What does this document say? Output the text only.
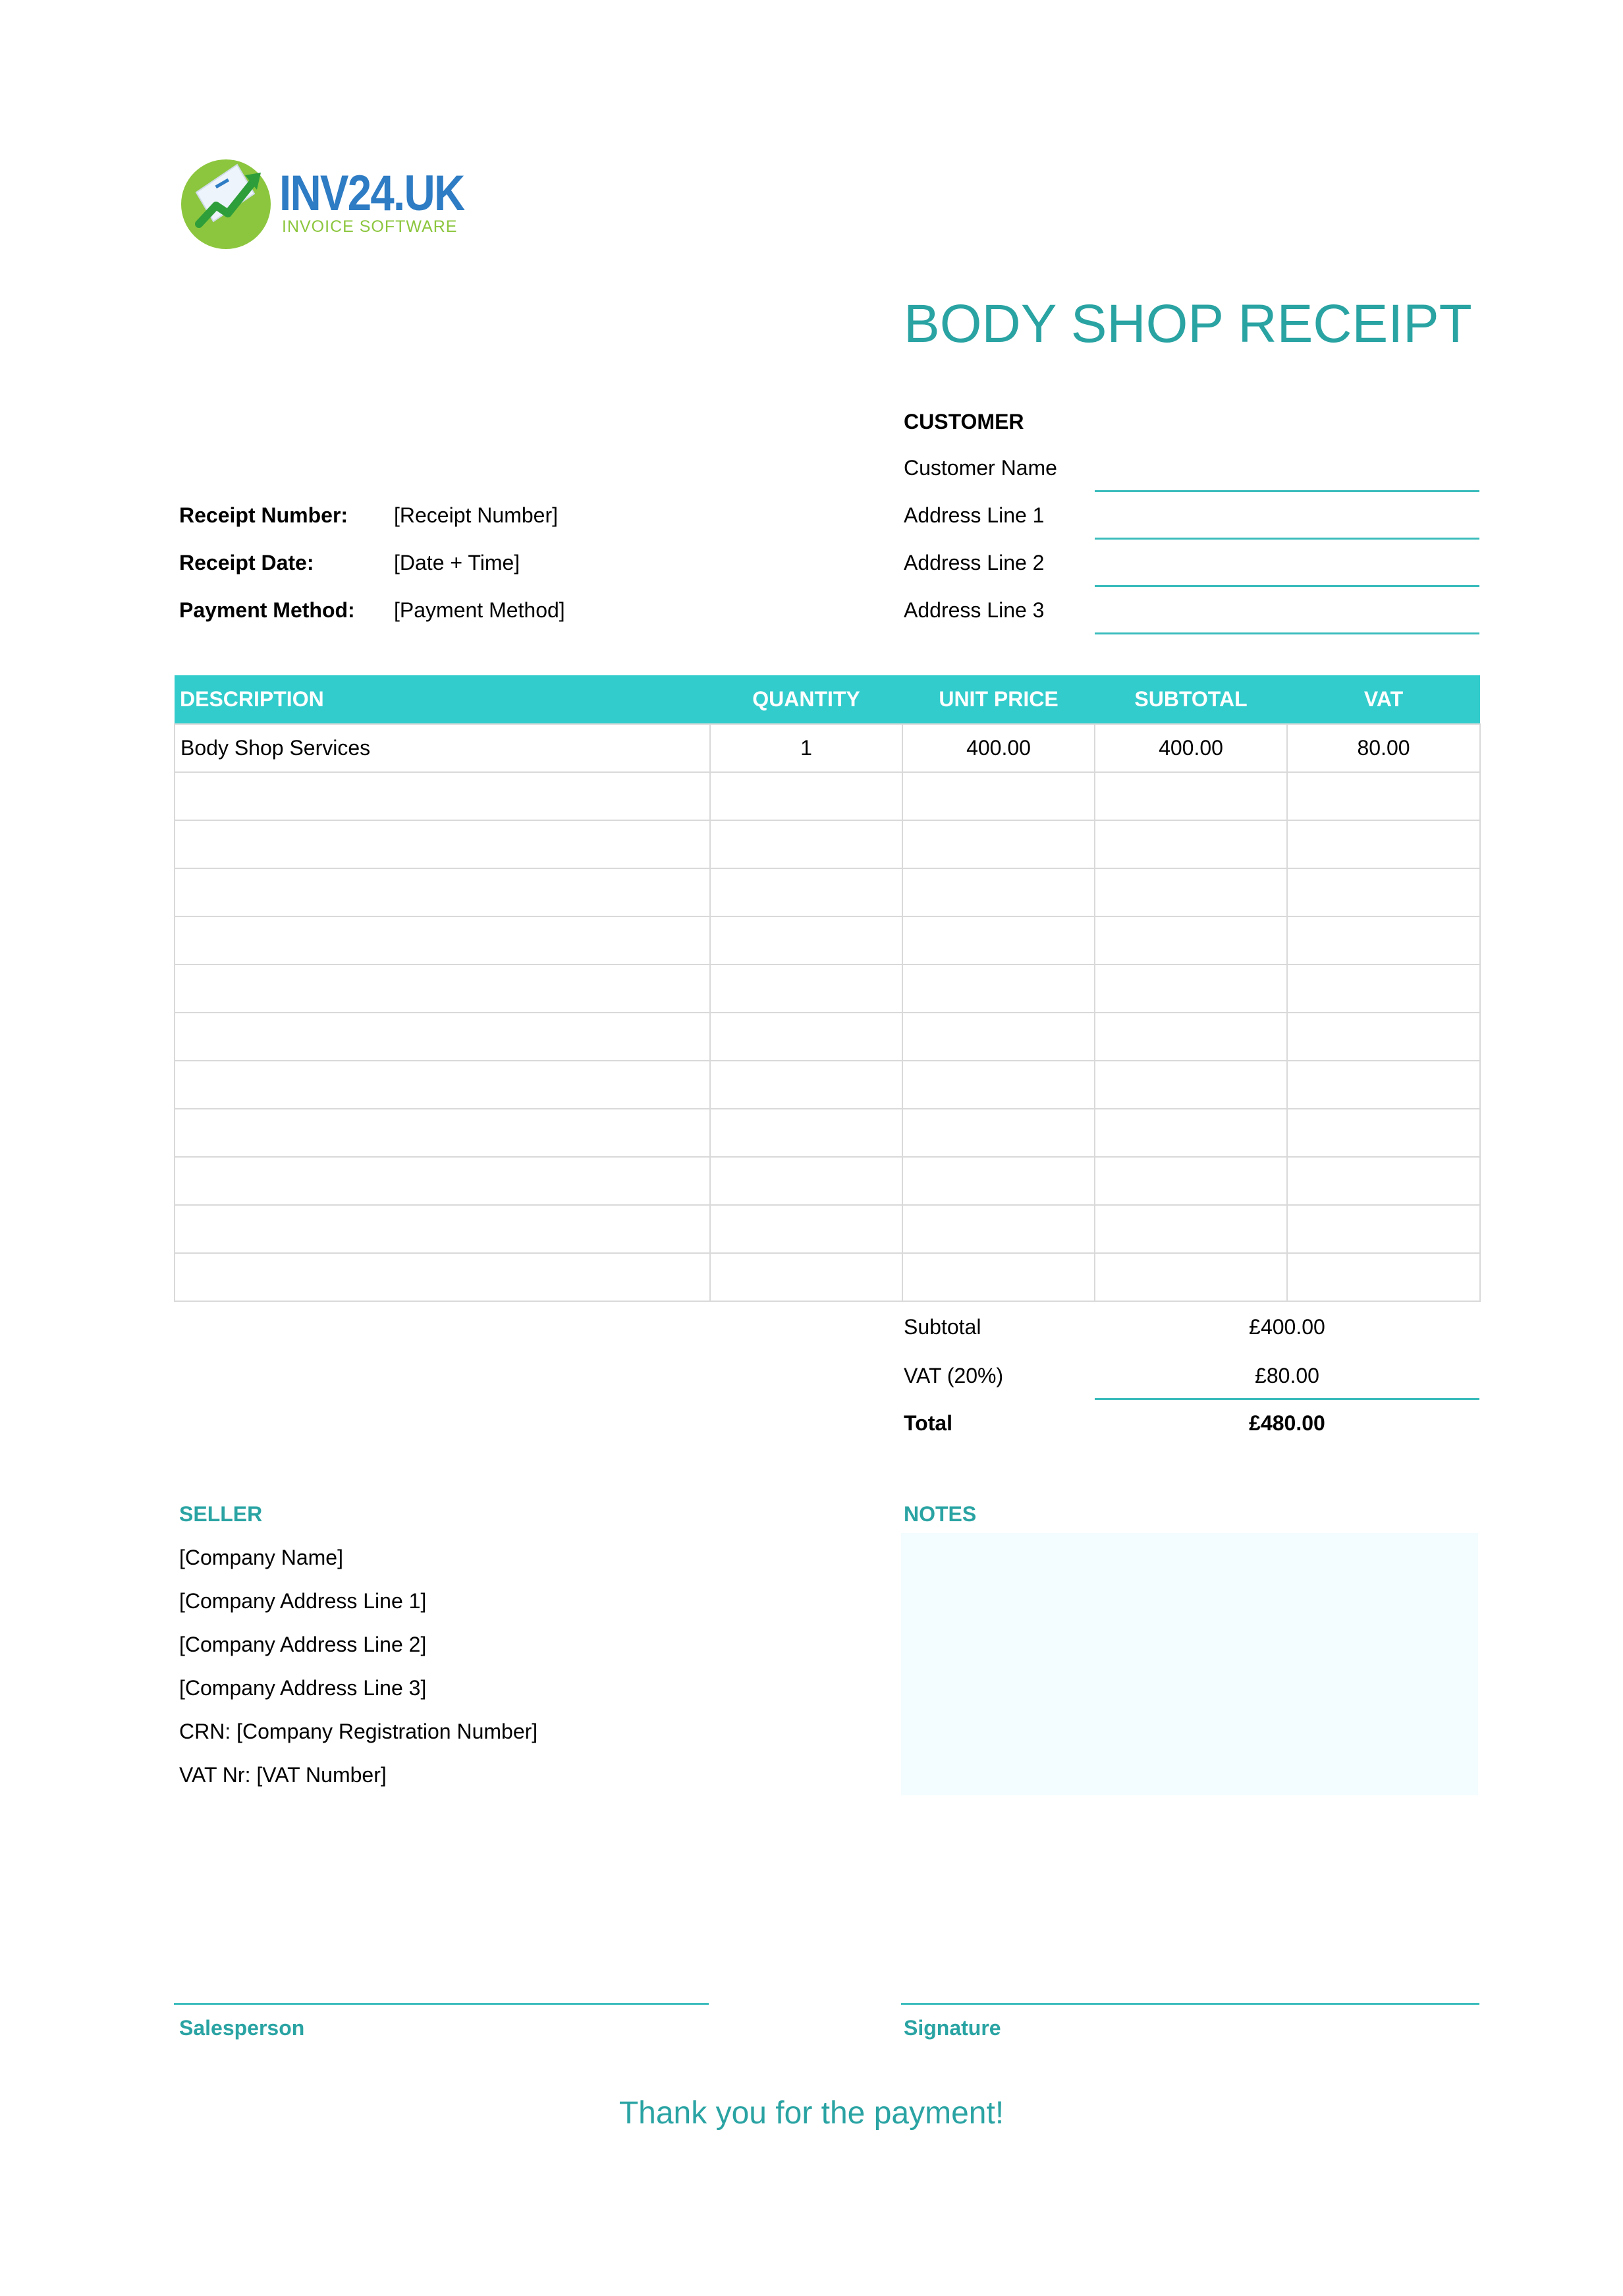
INV24.UK
INVOICE SOFTWARE
BODY SHOP RECEIPT
CUSTOMER
Customer Name
Address Line 1
Address Line 2
Address Line 3
Receipt Number: [Receipt Number]
Receipt Date:	[Date + Time]
Payment Method: [Payment Method]
DESCRIPTION	QUANTITY	UNIT PRICE	SUBTOTAL	VAT
Body Shop Services	1	400.00	400.00	80.00

Subtotal	£400.00
VAT (20%)	£80.00
Total	£480.00
SELLER
[Company Name]
[Company Address Line 1]
[Company Address Line 2]
[Company Address Line 3]
CRN: [Company Registration Number]
VAT Nr: [VAT Number]
NOTES
Salesperson	Signature
Thank you for the payment!
